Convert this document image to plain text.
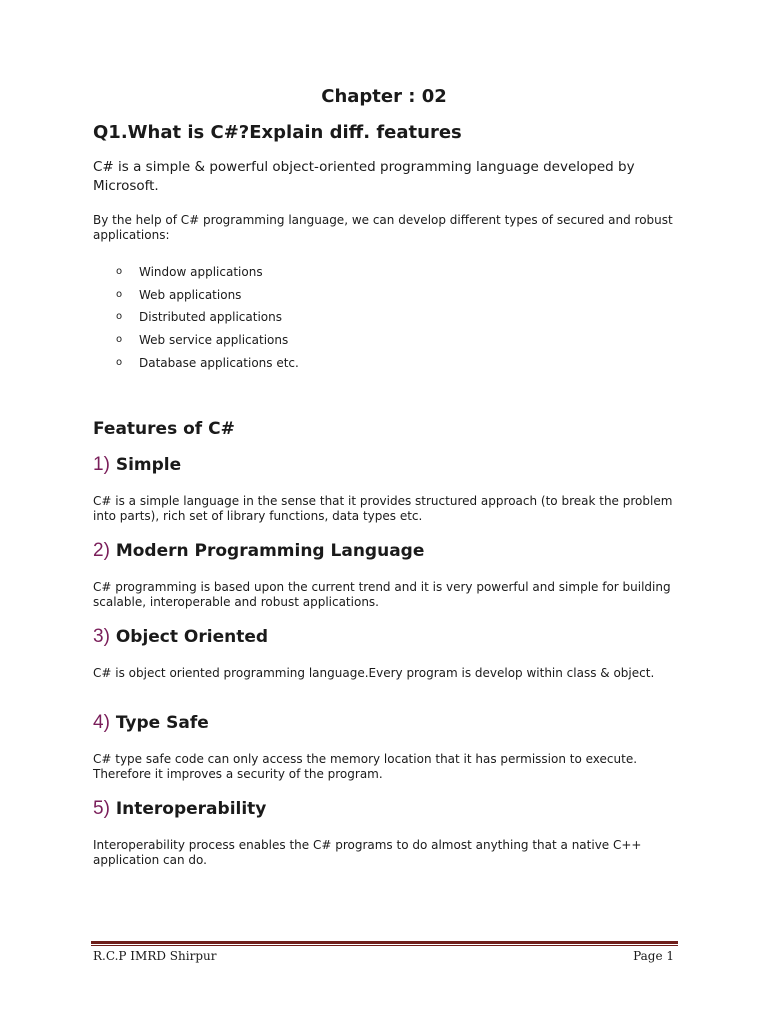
Chapter : 02
Q1.What is C#?Explain diff. features

C# is a simple & powerful object-oriented programming language developed by Microsoft.

By the help of C# programming language, we can develop different types of secured and robust applications:

o Window applications
o Web applications
o Distributed applications
o Web service applications
o Database applications etc.
Features of C#
1) Simple

C# is a simple language in the sense that it provides structured approach (to break the problem into parts), rich set of library functions, data types etc.

2) Modern Programming Language

C# programming is based upon the current trend and it is very powerful and simple for building scalable, interoperable and robust applications.

3) Object Oriented

C# is object oriented programming language.Every program is develop within class & object.

4) Type Safe

C# type safe code can only access the memory location that it has permission to execute. Therefore it improves a security of the program.

5) Interoperability

Interoperability process enables the C# programs to do almost anything that a native C++ application can do.

R.C.P IMRD Shirpur	Page 1
